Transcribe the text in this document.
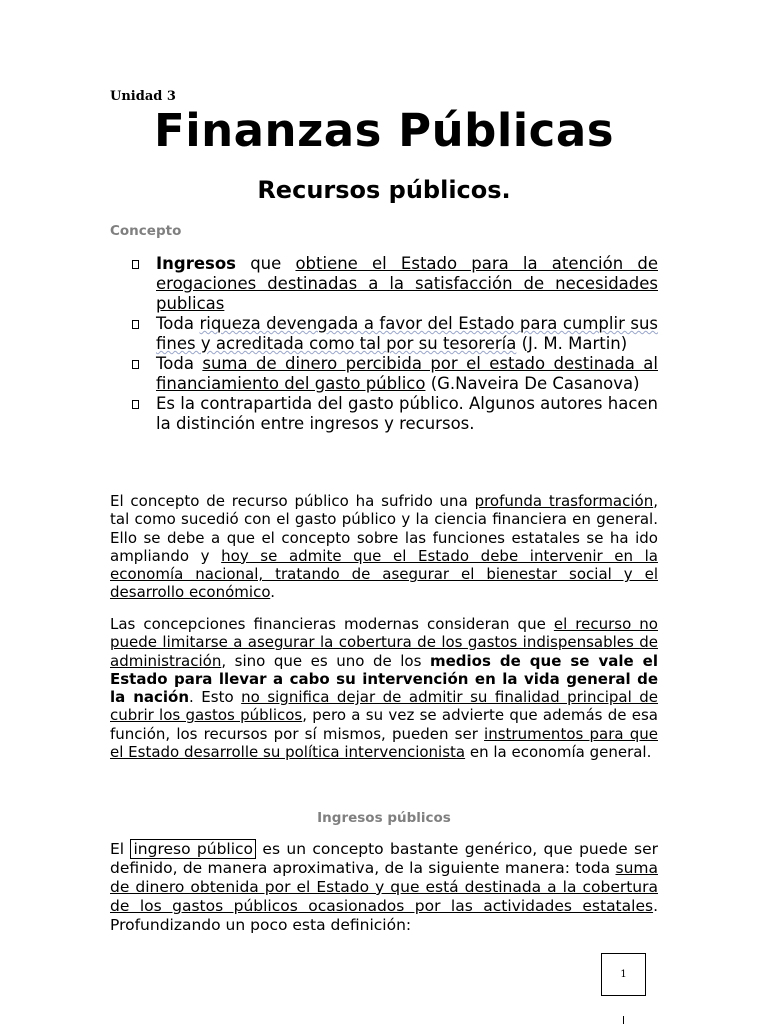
Unidad 3
Finanzas Públicas
Recursos públicos.
Concepto
Ingresos que obtiene el Estado para la atención de erogaciones destinadas a la satisfacción de necesidades publicas
Toda riqueza devengada a favor del Estado para cumplir sus fines y acreditada como tal por su tesorería (J. M. Martin)
Toda suma de dinero percibida por el estado destinada al financiamiento del gasto público (G.Naveira De Casanova)
Es la contrapartida del gasto público. Algunos autores hacen la distinción entre ingresos y recursos.
El concepto de recurso público ha sufrido una profunda trasformación, tal como sucedió con el gasto público y la ciencia financiera en general. Ello se debe a que el concepto sobre las funciones estatales se ha ido ampliando y hoy se admite que el Estado debe intervenir en la economía nacional, tratando de asegurar el bienestar social y el desarrollo económico.
Las concepciones financieras modernas consideran que el recurso no puede limitarse a asegurar la cobertura de los gastos indispensables de administración, sino que es uno de los medios de que se vale el Estado para llevar a cabo su intervención en la vida general de la nación. Esto no significa dejar de admitir su finalidad principal de cubrir los gastos públicos, pero a su vez se advierte que además de esa función, los recursos por sí mismos, pueden ser instrumentos para que el Estado desarrolle su política intervencionista en la economía general.
Ingresos públicos
El ingreso público es un concepto bastante genérico, que puede ser definido, de manera aproximativa, de la siguiente manera: toda suma de dinero obtenida por el Estado y que está destinada a la cobertura de los gastos públicos ocasionados por las actividades estatales. Profundizando un poco esta definición:
1
